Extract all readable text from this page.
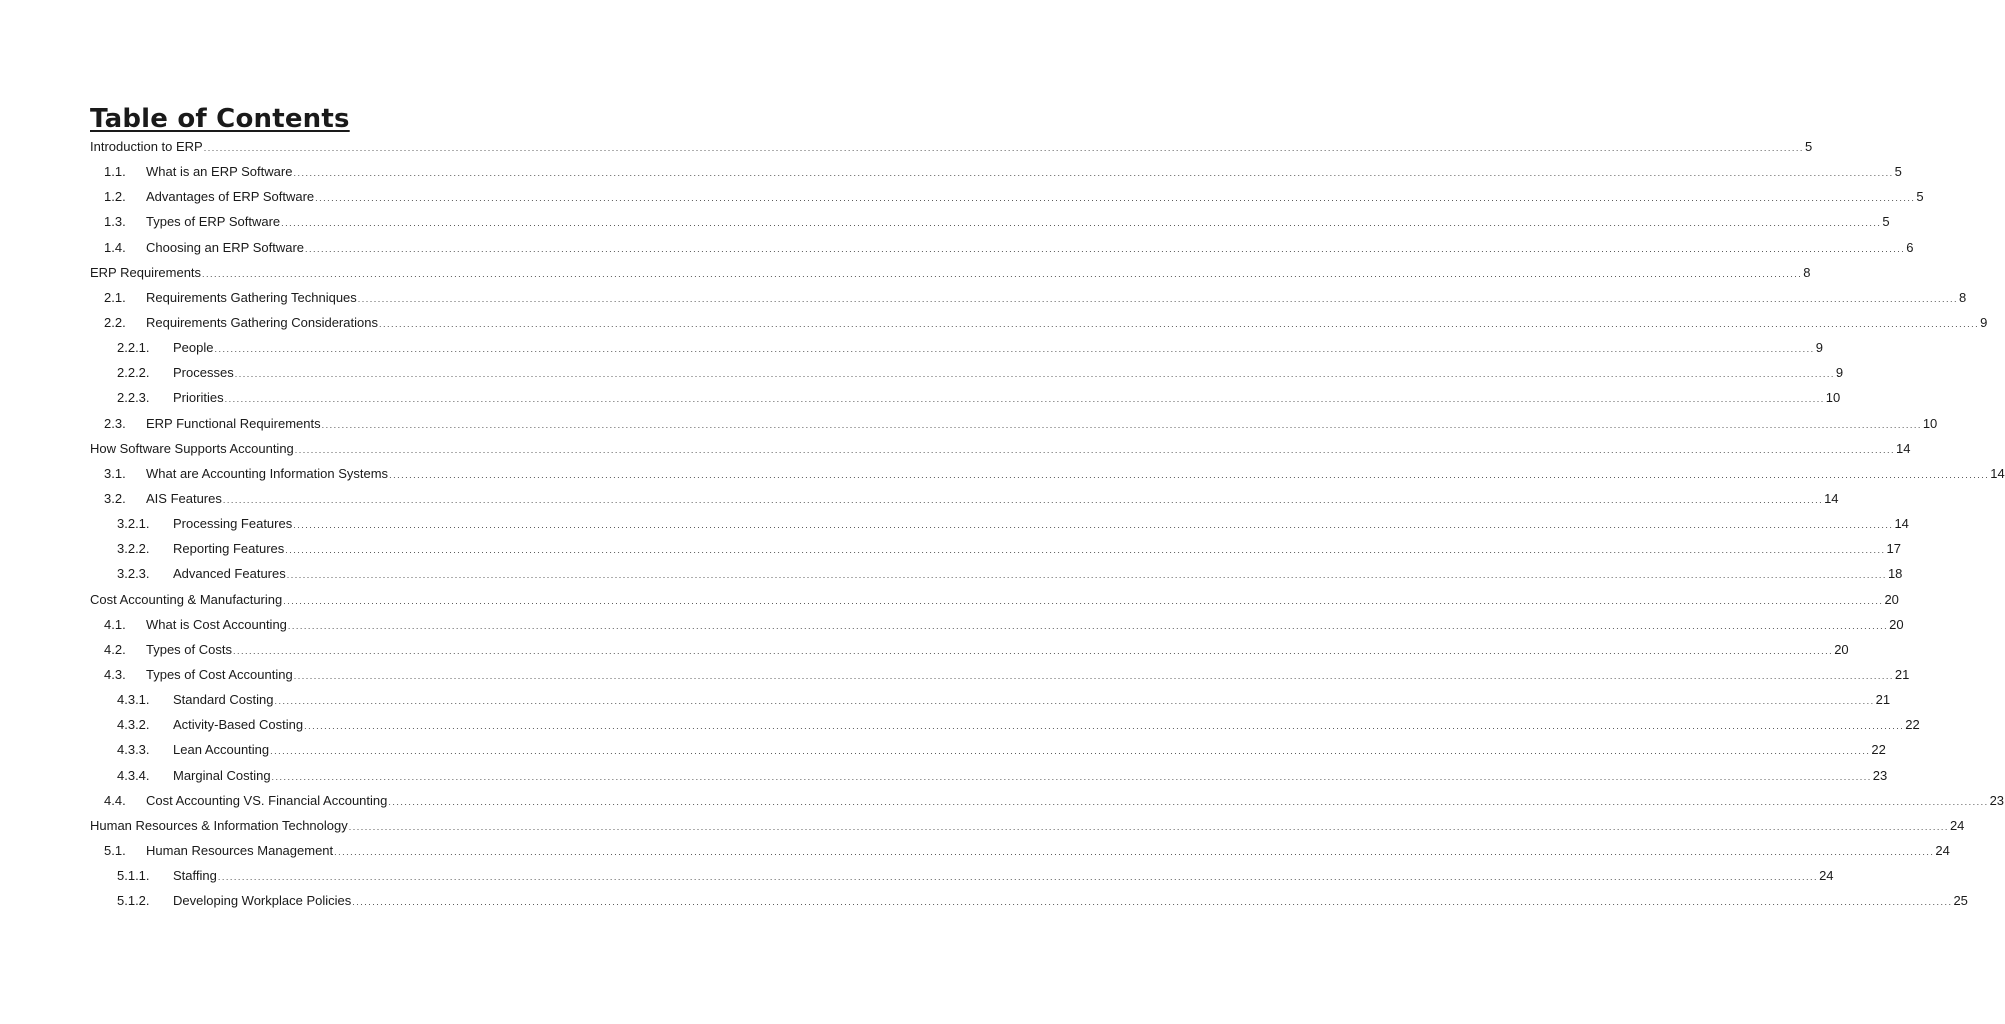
Table of Contents
Introduction to ERP ................................................................................................................................................................................................................................................................................................................................................................................................................ 5
1.1.	What is an ERP Software ................................................................................................................................................................................................................................................................................................................................................................................................................ 5
1.2.	Advantages of ERP Software ................................................................................................................................................................................................................................................................................................................................................................................................................ 5
1.3.	Types of ERP Software ................................................................................................................................................................................................................................................................................................................................................................................................................ 5
1.4.	Choosing an ERP Software ................................................................................................................................................................................................................................................................................................................................................................................................................ 6
ERP Requirements ................................................................................................................................................................................................................................................................................................................................................................................................................ 8
2.1.	Requirements Gathering Techniques ................................................................................................................................................................................................................................................................................................................................................................................................................ 8
2.2.	Requirements Gathering Considerations ................................................................................................................................................................................................................................................................................................................................................................................................................ 9
2.2.1.	People ................................................................................................................................................................................................................................................................................................................................................................................................................ 9
2.2.2.	Processes ................................................................................................................................................................................................................................................................................................................................................................................................................ 9
2.2.3.	Priorities ................................................................................................................................................................................................................................................................................................................................................................................................................ 10
2.3.	ERP Functional Requirements ................................................................................................................................................................................................................................................................................................................................................................................................................ 10
How Software Supports Accounting ................................................................................................................................................................................................................................................................................................................................................................................................................ 14
3.1.	What are Accounting Information Systems ................................................................................................................................................................................................................................................................................................................................................................................................................ 14
3.2.	AIS Features ................................................................................................................................................................................................................................................................................................................................................................................................................ 14
3.2.1.	Processing Features ................................................................................................................................................................................................................................................................................................................................................................................................................ 14
3.2.2.	Reporting Features ................................................................................................................................................................................................................................................................................................................................................................................................................ 17
3.2.3.	Advanced Features ................................................................................................................................................................................................................................................................................................................................................................................................................ 18
Cost Accounting & Manufacturing ................................................................................................................................................................................................................................................................................................................................................................................................................ 20
4.1.	What is Cost Accounting ................................................................................................................................................................................................................................................................................................................................................................................................................ 20
4.2.	Types of Costs ................................................................................................................................................................................................................................................................................................................................................................................................................ 20
4.3.	Types of Cost Accounting ................................................................................................................................................................................................................................................................................................................................................................................................................ 21
4.3.1.	Standard Costing ................................................................................................................................................................................................................................................................................................................................................................................................................ 21
4.3.2.	Activity-Based Costing ................................................................................................................................................................................................................................................................................................................................................................................................................ 22
4.3.3.	Lean Accounting ................................................................................................................................................................................................................................................................................................................................................................................................................ 22
4.3.4.	Marginal Costing ................................................................................................................................................................................................................................................................................................................................................................................................................ 23
4.4.	Cost Accounting VS. Financial Accounting ................................................................................................................................................................................................................................................................................................................................................................................................................ 23
Human Resources & Information Technology ................................................................................................................................................................................................................................................................................................................................................................................................................ 24
5.1.	Human Resources Management ................................................................................................................................................................................................................................................................................................................................................................................................................ 24
5.1.1.	Staffing ................................................................................................................................................................................................................................................................................................................................................................................................................ 24
5.1.2.	Developing Workplace Policies ................................................................................................................................................................................................................................................................................................................................................................................................................ 25
